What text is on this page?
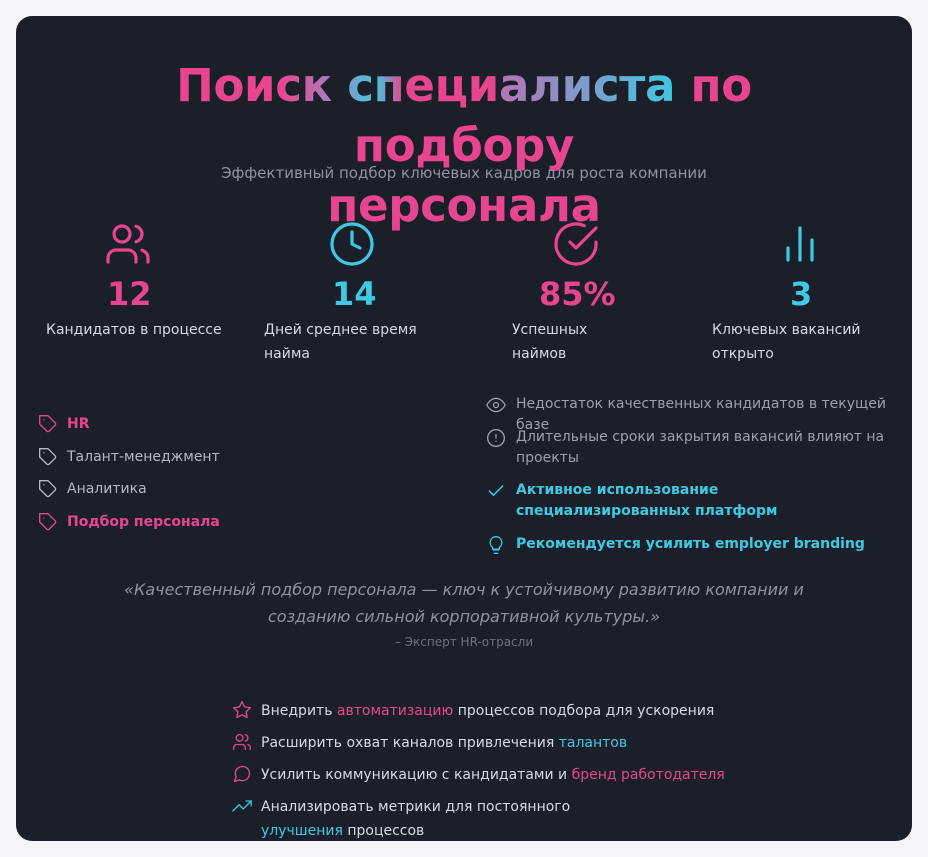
Поиск специалиста по подбору
персонала
Эффективный подбор ключевых кадров для роста компании
12
Кандидатов в процессе
14
Дней среднее время
найма
85%
Успешных
наймов
3
Ключевых вакансий
открыто
HR
Талант-менеджмент
Аналитика
Подбор персонала
Недостаток качественных кандидатов в текущей базе
Длительные сроки закрытия вакансий влияют на проекты
Активное использование специализированных платформ
Рекомендуется усилить employer branding
«Качественный подбор персонала — ключ к устойчивому развитию компании и созданию сильной корпоративной культуры.»
– Эксперт HR-отрасли
Внедрить автоматизацию процессов подбора для ускорения
Расширить охват каналов привлечения талантов
Усилить коммуникацию с кандидатами и бренд работодателя
Анализировать метрики для постоянного улучшения процессов
